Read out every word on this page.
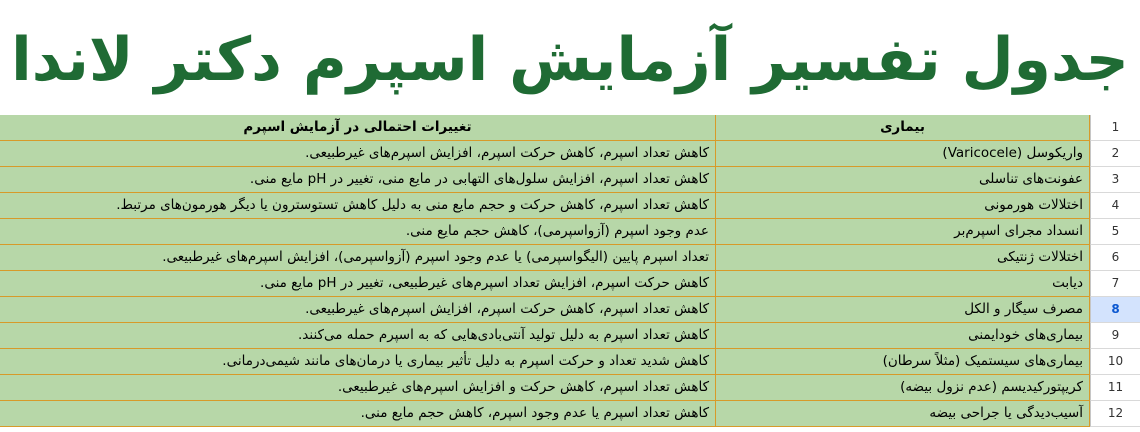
جدول تفسیر آزمایش اسپرم دکتر لاندا
تغییرات احتمالی در آزمایش اسپرم	بیماری	1
کاهش تعداد اسپرم، کاهش حرکت اسپرم، افزایش اسپرم‌های غیرطبیعی.	واریکوسل (Varicocele)	2
کاهش تعداد اسپرم، افزایش سلول‌های التهابی در مایع منی، تغییر در pH مایع منی.	عفونت‌های تناسلی	3
کاهش تعداد اسپرم، کاهش حرکت و حجم مایع منی به دلیل کاهش تستوسترون یا دیگر هورمون‌های مرتبط.	اختلالات هورمونی	4
عدم وجود اسپرم (آزواسپرمی)، کاهش حجم مایع منی.	انسداد مجرای اسپرم‌بر	5
تعداد اسپرم پایین (الیگواسپرمی) یا عدم وجود اسپرم (آزواسپرمی)، افزایش اسپرم‌های غیرطبیعی.	اختلالات ژنتیکی	6
کاهش حرکت اسپرم، افزایش تعداد اسپرم‌های غیرطبیعی، تغییر در pH مایع منی.	دیابت	7
کاهش تعداد اسپرم، کاهش حرکت اسپرم، افزایش اسپرم‌های غیرطبیعی.	مصرف سیگار و الکل	8
کاهش تعداد اسپرم به دلیل تولید آنتی‌بادی‌هایی که به اسپرم حمله می‌کنند.	بیماری‌های خودایمنی	9
کاهش شدید تعداد و حرکت اسپرم به دلیل تأثیر بیماری یا درمان‌های مانند شیمی‌درمانی.	بیماری‌های سیستمیک (مثلاً سرطان)	10
کاهش تعداد اسپرم، کاهش حرکت و افزایش اسپرم‌های غیرطبیعی.	کریپتورکیدیسم (عدم نزول بیضه)	11
کاهش تعداد اسپرم یا عدم وجود اسپرم، کاهش حجم مایع منی.	آسیب‌دیدگی یا جراحی بیضه	12
